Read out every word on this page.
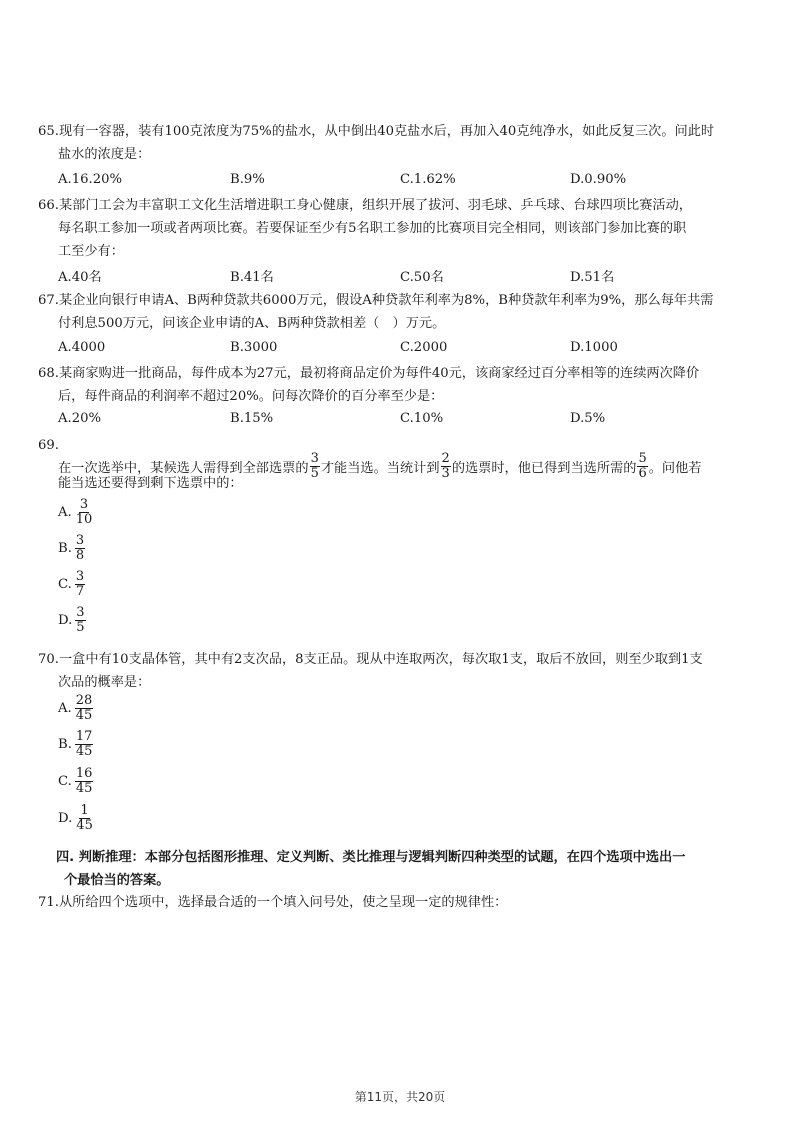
65.现有一容器，装有100克浓度为75%的盐水，从中倒出40克盐水后，再加入40克纯净水，如此反复三次。问此时
盐水的浓度是：
A.16.20%	B.9%	C.1.62%	D.0.90%
66.某部门工会为丰富职工文化生活增进职工身心健康，组织开展了拔河、羽毛球、乒乓球、台球四项比赛活动，
每名职工参加一项或者两项比赛。若要保证至少有5名职工参加的比赛项目完全相同，则该部门参加比赛的职
工至少有：
A.40名	B.41名	C.50名	D.51名
67.某企业向银行申请A、B两种贷款共6000万元，假设A种贷款年利率为8%，B种贷款年利率为9%，那么每年共需
付利息500万元，问该企业申请的A、B两种贷款相差（　）万元。
A.4000	B.3000	C.2000	D.1000
68.某商家购进一批商品，每件成本为27元，最初将商品定价为每件40元，该商家经过百分率相等的连续两次降价
后，每件商品的利润率不超过20%。问每次降价的百分率至少是：
A.20%	B.15%	C.10%	D.5%
69.
在一次选举中，某候选人需得到全部选票的 $\frac{3}{5}$ 才能当选。当统计到 $\frac{2}{3}$ 的选票时，他已得到当选所需的 $\frac{5}{6}$ 。问他若
能当选还要得到剩下选票中的：
A. $\frac{3}{10}$
B. $\frac{3}{8}$
C. $\frac{3}{7}$
D. $\frac{3}{5}$
70.一盒中有10支晶体管，其中有2支次品，8支正品。现从中连取两次，每次取1支，取后不放回，则至少取到1支
次品的概率是：
A. $\frac{28}{45}$
B. $\frac{17}{45}$
C. $\frac{16}{45}$
D. $\frac{1}{45}$
四. 判断推理：本部分包括图形推理、定义判断、类比推理与逻辑判断四种类型的试题，在四个选项中选出一
个最恰当的答案。
71.从所给四个选项中，选择最合适的一个填入问号处，使之呈现一定的规律性：
第11页，共20页
